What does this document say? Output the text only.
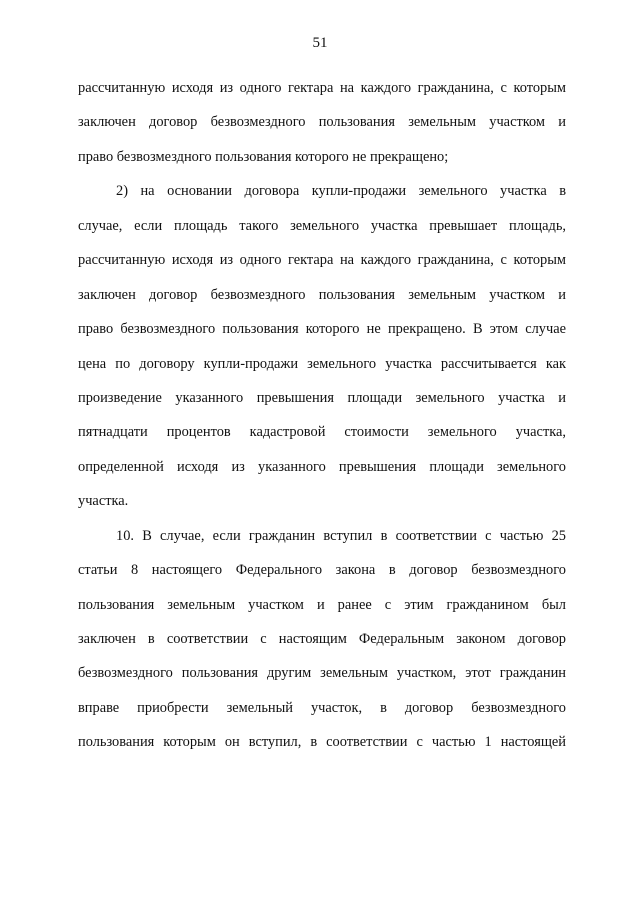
51
рассчитанную исходя из одного гектара на каждого гражданина, с которым
заключен договор безвозмездного пользования земельным участком и
право безвозмездного пользования которого не прекращено;
2) на основании договора купли-продажи земельного участка в
случае, если площадь такого земельного участка превышает площадь,
рассчитанную исходя из одного гектара на каждого гражданина, с которым
заключен договор безвозмездного пользования земельным участком и
право безвозмездного пользования которого не прекращено. В этом случае
цена по договору купли-продажи земельного участка рассчитывается как
произведение указанного превышения площади земельного участка и
пятнадцати процентов кадастровой стоимости земельного участка,
определенной исходя из указанного превышения площади земельного
участка.
10. В случае, если гражданин вступил в соответствии с частью 25
статьи 8 настоящего Федерального закона в договор безвозмездного
пользования земельным участком и ранее с этим гражданином был
заключен в соответствии с настоящим Федеральным законом договор
безвозмездного пользования другим земельным участком, этот гражданин
вправе приобрести земельный участок, в договор безвозмездного
пользования которым он вступил, в соответствии с частью 1 настоящей
